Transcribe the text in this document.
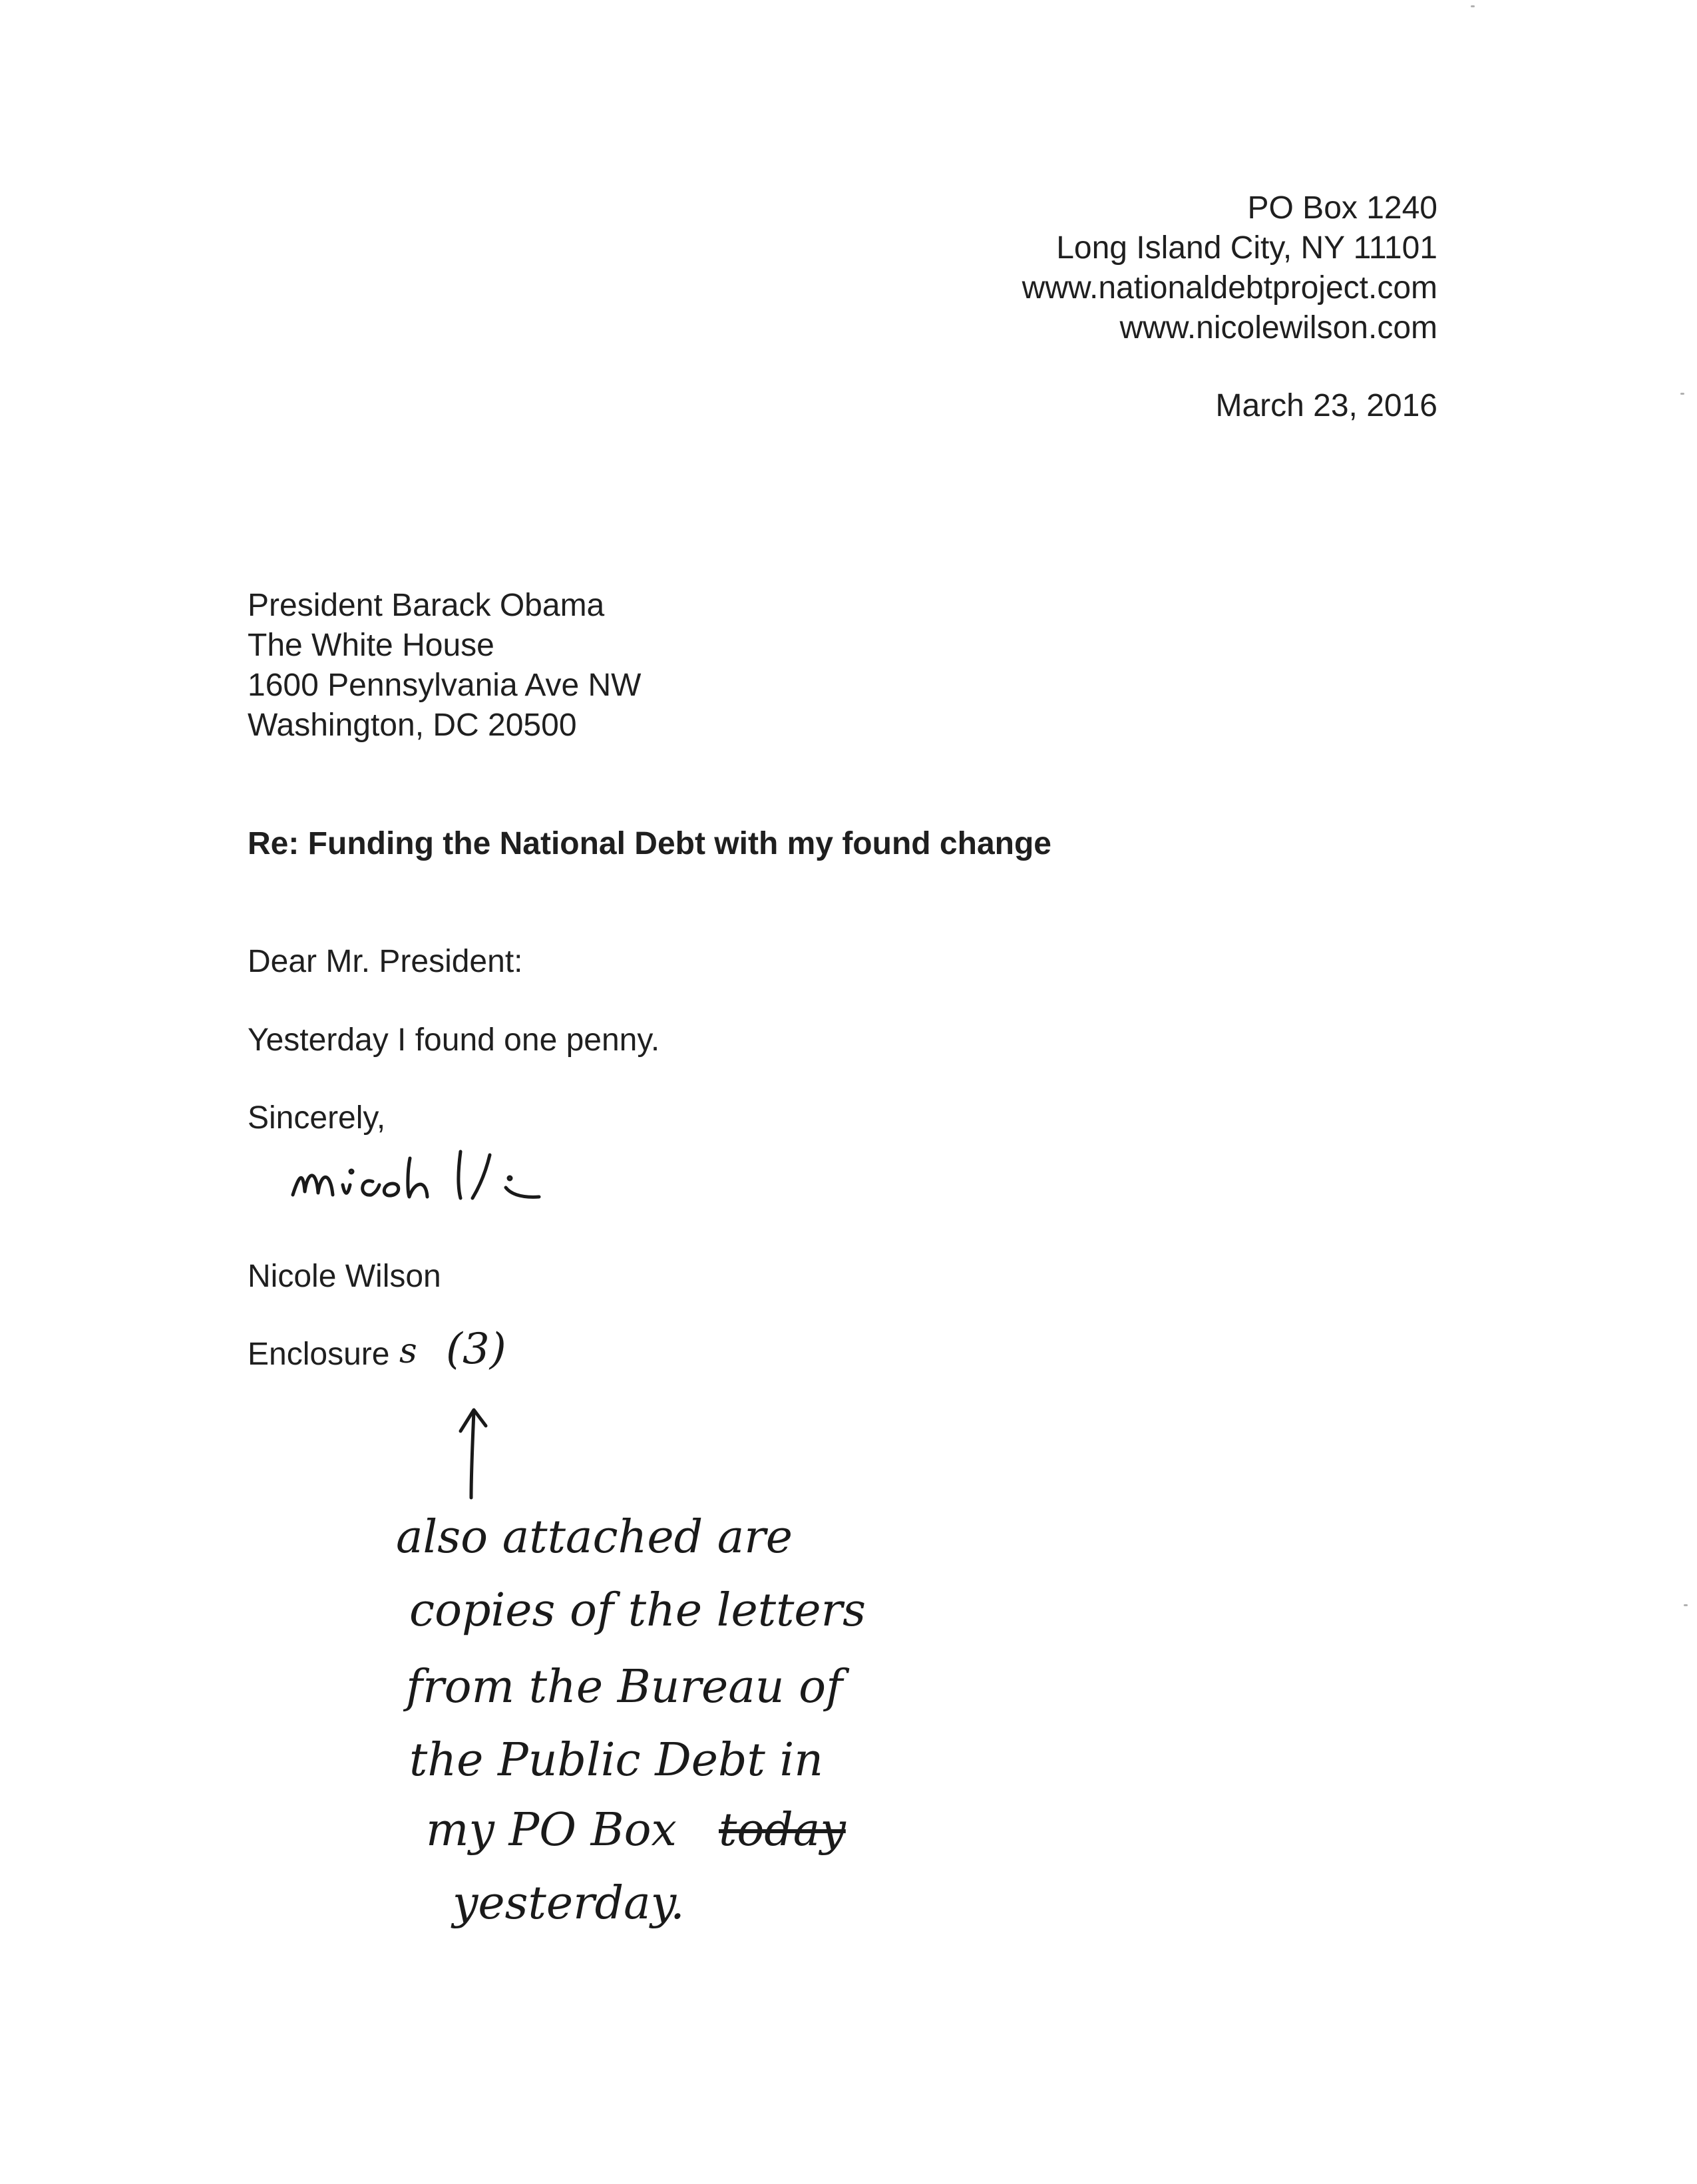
PO Box 1240
Long Island City, NY 11101
www.nationaldebtproject.com
www.nicolewilson.com
March 23, 2016
President Barack Obama
The White House
1600 Pennsylvania Ave NW
Washington, DC 20500
Re: Funding the National Debt with my found change
Dear Mr. President:
Yesterday I found one penny.
Sincerely,
Nicole Wilson
Enclosure s (3)
also attached are
copies of the letters
from the Bureau of
the Public Debt in
my PO Box today
yesterday.
